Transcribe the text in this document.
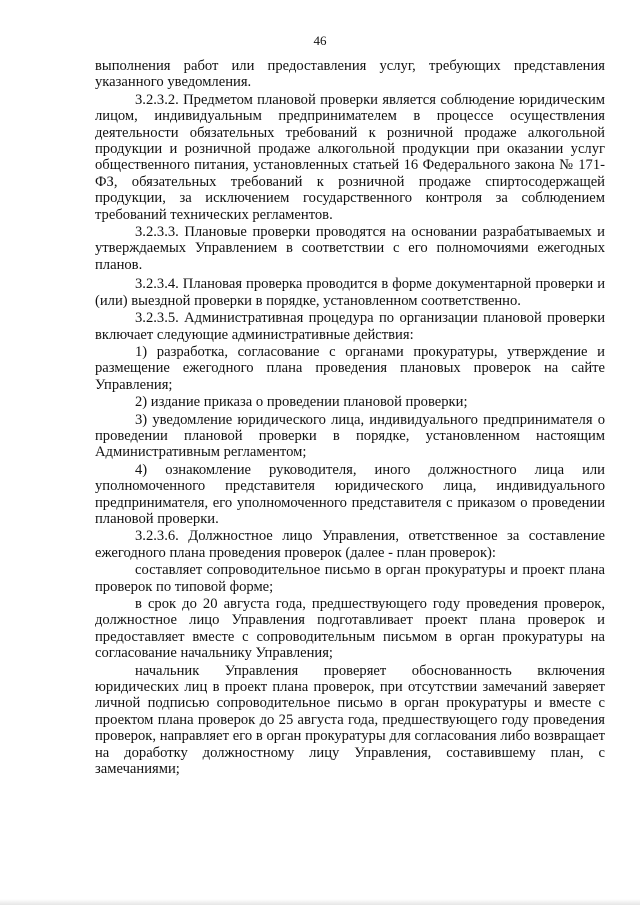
46

выполнения работ или предоставления услуг, требующих представления указанного уведомления.

3.2.3.2. Предметом плановой проверки является соблюдение юридическим лицом, индивидуальным предпринимателем в процессе осуществления деятельности обязательных требований к розничной продаже алкогольной продукции и розничной продаже алкогольной продукции при оказании услуг общественного питания, установленных статьей 16 Федерального закона № 171-ФЗ, обязательных требований к розничной продаже спиртосодержащей продукции, за исключением государственного контроля за соблюдением требований технических регламентов.

3.2.3.3. Плановые проверки проводятся на основании разрабатываемых и утверждаемых Управлением в соответствии с его полномочиями ежегодных планов.

3.2.3.4. Плановая проверка проводится в форме документарной проверки и (или) выездной проверки в порядке, установленном соответственно.

3.2.3.5. Административная процедура по организации плановой проверки включает следующие административные действия:

1) разработка, согласование с органами прокуратуры, утверждение и размещение ежегодного плана проведения плановых проверок на сайте Управления;

2) издание приказа о проведении плановой проверки;

3) уведомление юридического лица, индивидуального предпринимателя о проведении плановой проверки в порядке, установленном настоящим Административным регламентом;

4) ознакомление руководителя, иного должностного лица или уполномоченного представителя юридического лица, индивидуального предпринимателя, его уполномоченного представителя с приказом о проведении плановой проверки.

3.2.3.6. Должностное лицо Управления, ответственное за составление ежегодного плана проведения проверок (далее - план проверок):

составляет сопроводительное письмо в орган прокуратуры и проект плана проверок по типовой форме;

в срок до 20 августа года, предшествующего году проведения проверок, должностное лицо Управления подготавливает проект плана проверок и предоставляет вместе с сопроводительным письмом в орган прокуратуры на согласование начальнику Управления;

начальник Управления проверяет обоснованность включения юридических лиц в проект плана проверок, при отсутствии замечаний заверяет личной подписью сопроводительное письмо в орган прокуратуры и вместе с проектом плана проверок до 25 августа года, предшествующего году проведения проверок, направляет его в орган прокуратуры для согласования либо возвращает на доработку должностному лицу Управления, составившему план, с замечаниями;
